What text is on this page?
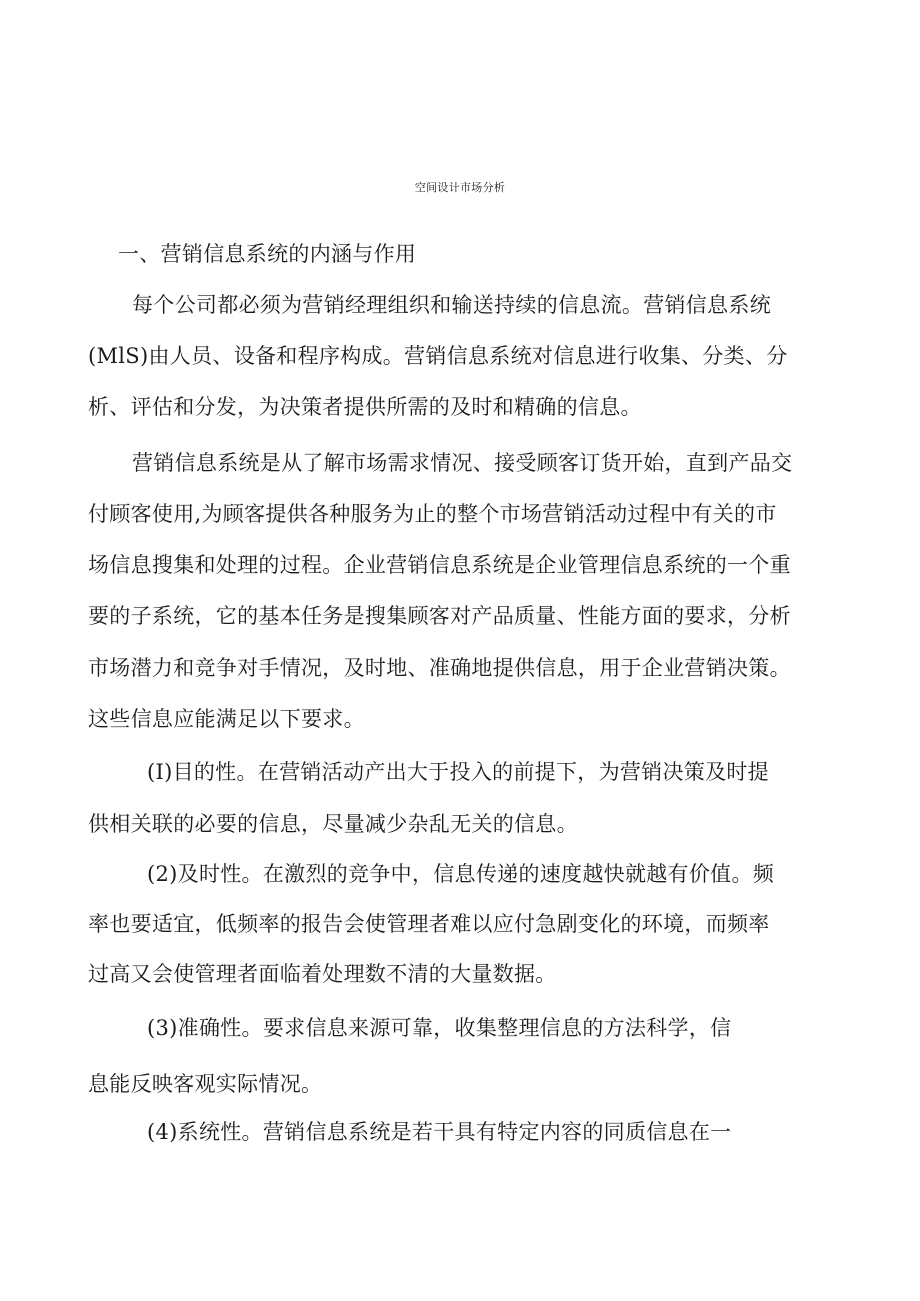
空间设计市场分析
一、营销信息系统的内涵与作用
每个公司都必须为营销经理组织和输送持续的信息流。营销信息系统
(MlS)由人员、设备和程序构成。营销信息系统对信息进行收集、分类、分
析、评估和分发，为决策者提供所需的及时和精确的信息。
营销信息系统是从了解市场需求情况、接受顾客订货开始，直到产品交
付顾客使用,为顾客提供各种服务为止的整个市场营销活动过程中有关的市
场信息搜集和处理的过程。企业营销信息系统是企业管理信息系统的一个重
要的子系统，它的基本任务是搜集顾客对产品质量、性能方面的要求，分析
市场潜力和竞争对手情况，及时地、准确地提供信息，用于企业营销决策。
这些信息应能满足以下要求。
(I)目的性。在营销活动产出大于投入的前提下，为营销决策及时提
供相关联的必要的信息，尽量减少杂乱无关的信息。
(2)及时性。在激烈的竞争中，信息传递的速度越快就越有价值。频
率也要适宜，低频率的报告会使管理者难以应付急剧变化的环境，而频率
过高又会使管理者面临着处理数不清的大量数据。
(3)准确性。要求信息来源可靠，收集整理信息的方法科学，信
息能反映客观实际情况。
(4)系统性。营销信息系统是若干具有特定内容的同质信息在一
